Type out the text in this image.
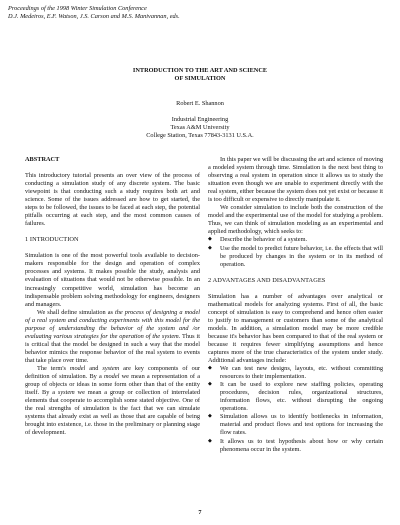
Proceedings of the 1998 Winter Simulation Conference
D.J. Medeiros, E.F. Watson, J.S. Carson and M.S. Manivannan, eds.
INTRODUCTION TO THE ART AND SCIENCE
OF SIMULATION
Robert E. Shannon
Industrial Engineering
Texas A&M University
College Station, Texas 77843-3131 U.S.A.

ABSTRACT

This introductory tutorial presents an over view of the process of conducting a simulation study of any discrete system. The basic viewpoint is that conducting such a study requires both art and science. Some of the issues addressed are how to get started, the steps to be followed, the issues to be faced at each step, the potential pitfalls occurring at each step, and the most common causes of failures.

1 INTRODUCTION

Simulation is one of the most powerful tools available to decision-makers responsible for the design and operation of complex processes and systems. It makes possible the study, analysis and evaluation of situations that would not be otherwise possible. In an increasingly competitive world, simulation has become an indispensable problem solving methodology for engineers, designers and managers.

We shall define simulation as the process of designing a model of a real system and conducting experiments with this model for the purpose of understanding the behavior of the system and /or evaluating various strategies for the operation of the system. Thus it is critical that the model be designed in such a way that the model behavior mimics the response behavior of the real system to events that take place over time.

The term's model and system are key components of our definition of simulation. By a model we mean a representation of a group of objects or ideas in some form other than that of the entity itself. By a system we mean a group or collection of interrelated elements that cooperate to accomplish some stated objective. One of the real strengths of simulation is the fact that we can simulate systems that already exist as well as those that are capable of being brought into existence, i.e. those in the preliminary or planning stage of development.

In this paper we will be discussing the art and science of moving a modeled system through time. Simulation is the next best thing to observing a real system in operation since it allows us to study the situation even though we are unable to experiment directly with the real system, either because the system does not yet exist or because it is too difficult or expensive to directly manipulate it.

We consider simulation to include both the construction of the model and the experimental use of the model for studying a problem. Thus, we can think of simulation modeling as an experimental and applied methodology, which seeks to:

◆ Describe the behavior of a system.
◆ Use the model to predict future behavior, i.e. the effects that will be produced by changes in the system or in its method of operation.

2 ADVANTAGES AND DISADVANTAGES

Simulation has a number of advantages over analytical or mathematical models for analyzing systems. First of all, the basic concept of simulation is easy to comprehend and hence often easier to justify to management or customers than some of the analytical models. In addition, a simulation model may be more credible because it's behavior has been compared to that of the real system or because it requires fewer simplifying assumptions and hence captures more of the true characteristics of the system under study. Additional advantages include:

◆ We can test new designs, layouts, etc. without committing resources to their implementation.
◆ It can be used to explore new staffing policies, operating procedures, decision rules, organizational structures, information flows, etc. without disrupting the ongoing operations.
◆ Simulation allows us to identify bottlenecks in information, material and product flows and test options for increasing the flow rates.
◆ It allows us to test hypothesis about how or why certain phenomena occur in the system.
7
